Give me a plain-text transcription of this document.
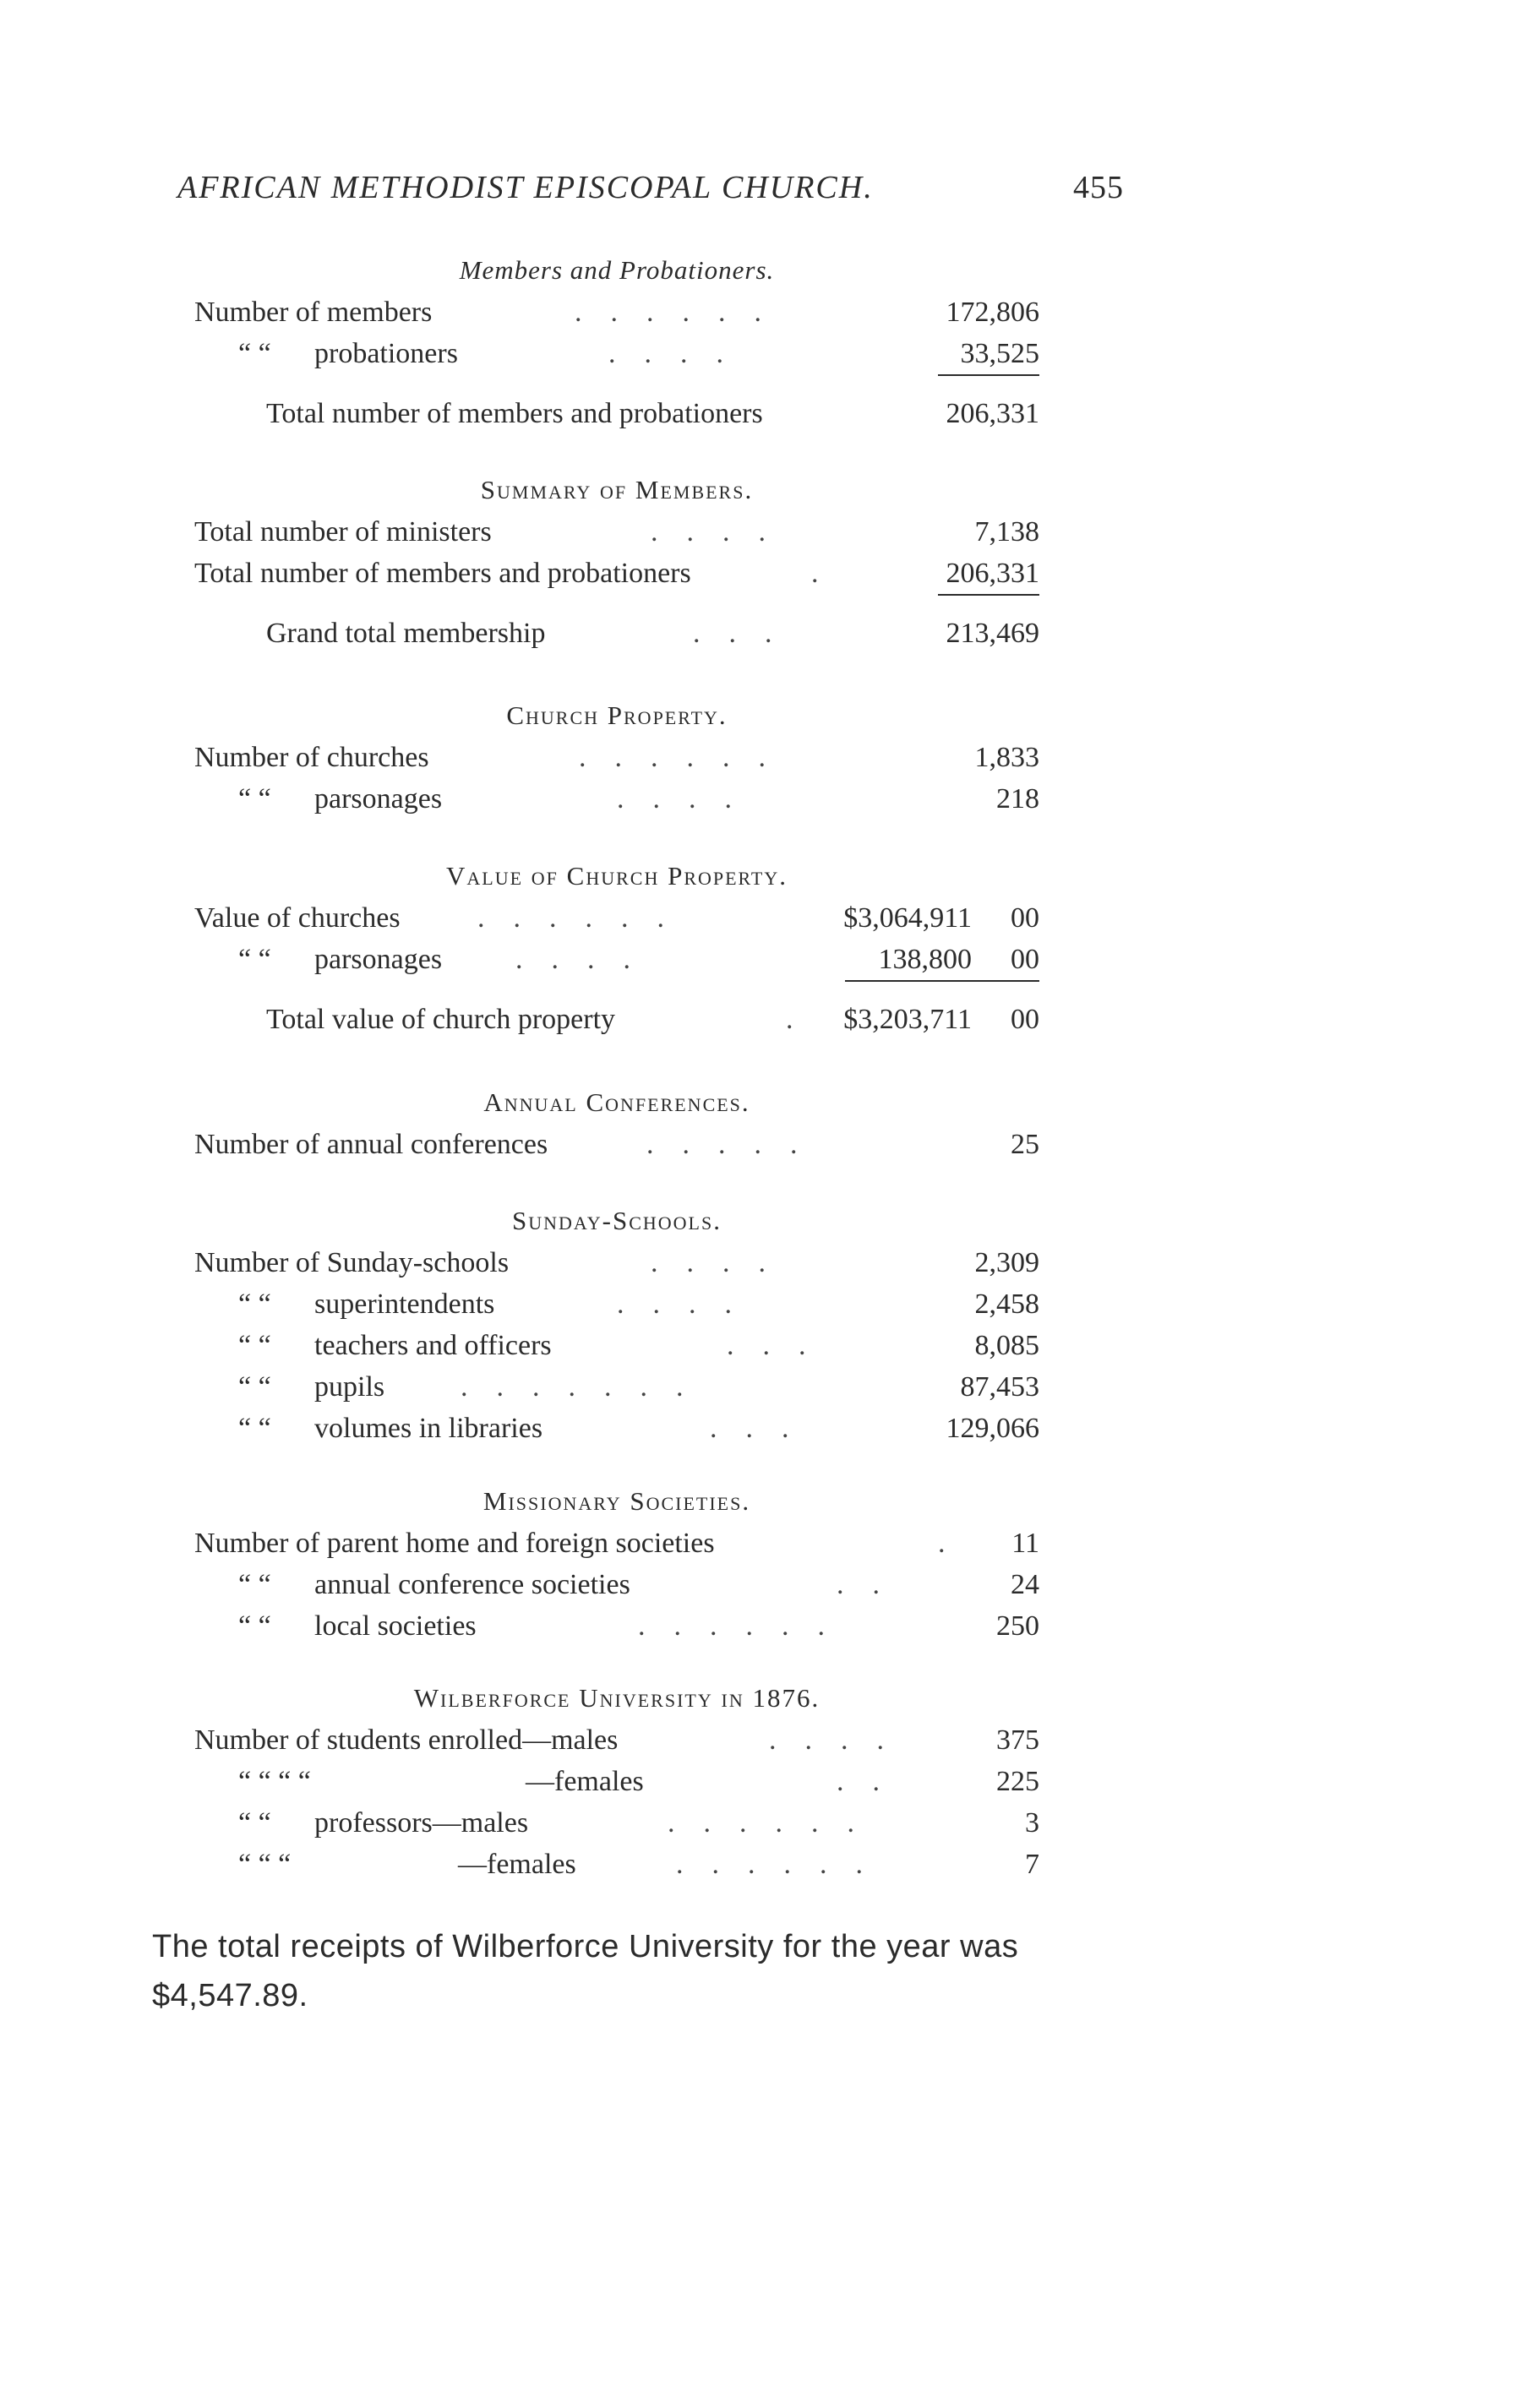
AFRICAN METHODIST EPISCOPAL CHURCH.	455
Members and Probationers.
Number of members	......	172,806
“ “ probationers	....	33,525
Total number of members and probationers	206,331
Summary of Members.
Total number of ministers	....	7,138
Total number of members and probationers	.	206,331
Grand total membership	...	213,469
Church Property.
Number of churches	......	1,833
“ “ parsonages	....	218
Value of Church Property.
Value of churches	......	$3,064,911 00
“ “ parsonages	....	138,800 00
Total value of church property	. $3,203,711 00
Annual Conferences.
Number of annual conferences	.....	25
Sunday-Schools.
Number of Sunday-schools	....	2,309
“ “ superintendents	....	2,458
“ “ teachers and officers	...	8,085
“ “ pupils	.......	87,453
“ “ volumes in libraries	...	129,066
Missionary Societies.
Number of parent home and foreign societies	. 11
“ “ annual conference societies	..	24
“ “ local societies	......	250
Wilberforce University in 1876.
Number of students enrolled—males	....	375
“ “ “ “	—females	..	225
“ “ professors—males	......	3
“ “ “	—females	......	7
The total receipts of Wilberforce University for the year was $4,547.89.
